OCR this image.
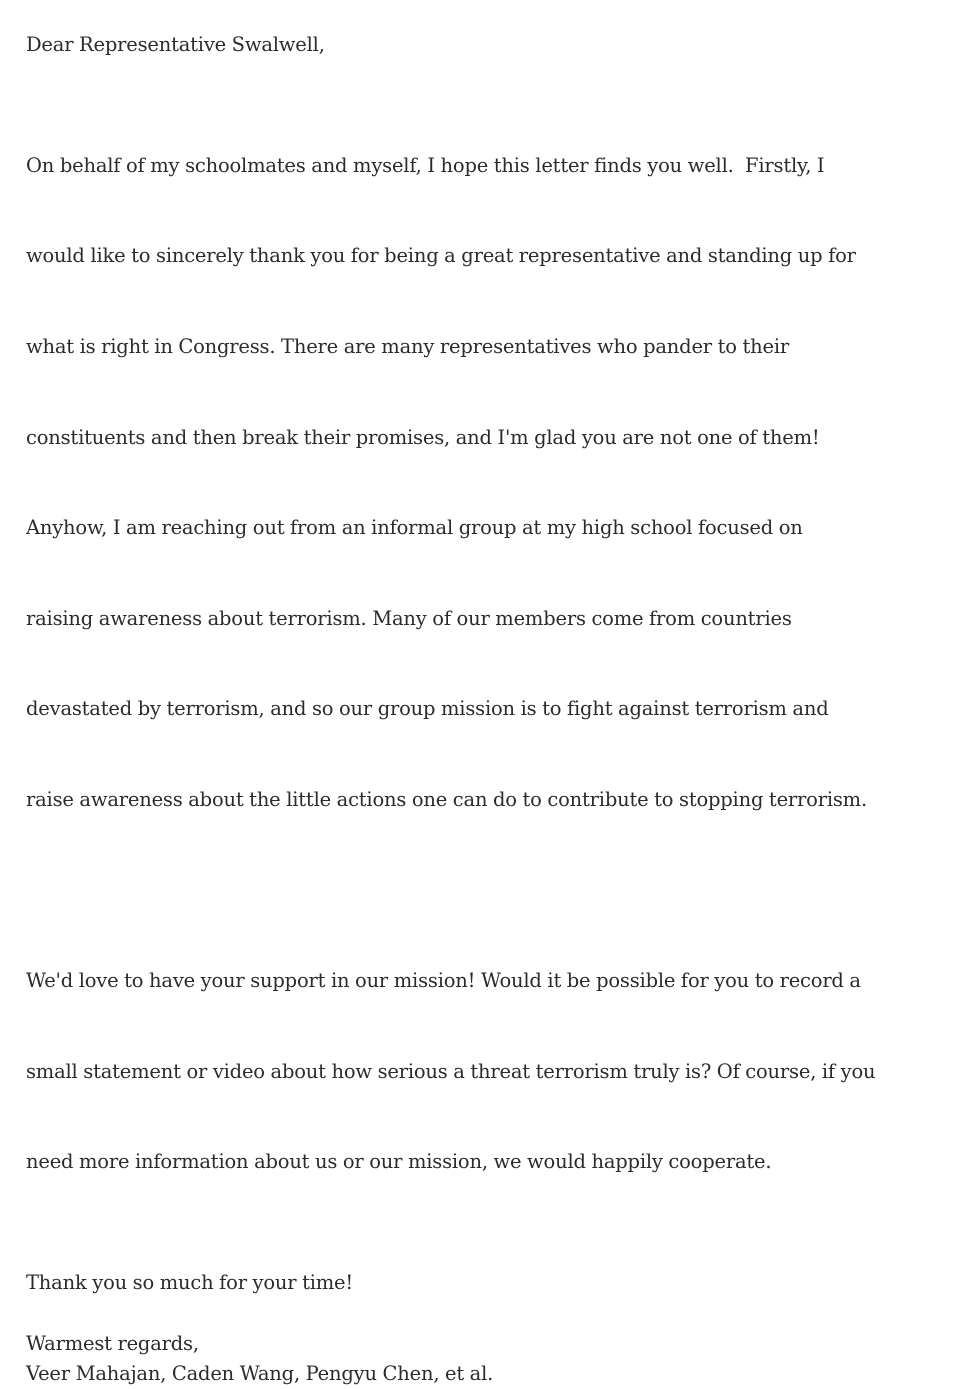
Dear Representative Swalwell,

On behalf of my schoolmates and myself, I hope this letter finds you well.  Firstly, I

would like to sincerely thank you for being a great representative and standing up for

what is right in Congress. There are many representatives who pander to their

constituents and then break their promises, and I'm glad you are not one of them!

Anyhow, I am reaching out from an informal group at my high school focused on

raising awareness about terrorism. Many of our members come from countries

devastated by terrorism, and so our group mission is to fight against terrorism and

raise awareness about the little actions one can do to contribute to stopping terrorism.

We'd love to have your support in our mission! Would it be possible for you to record a

small statement or video about how serious a threat terrorism truly is? Of course, if you

need more information about us or our mission, we would happily cooperate.

Thank you so much for your time!

Warmest regards,

Veer Mahajan, Caden Wang, Pengyu Chen, et al.
